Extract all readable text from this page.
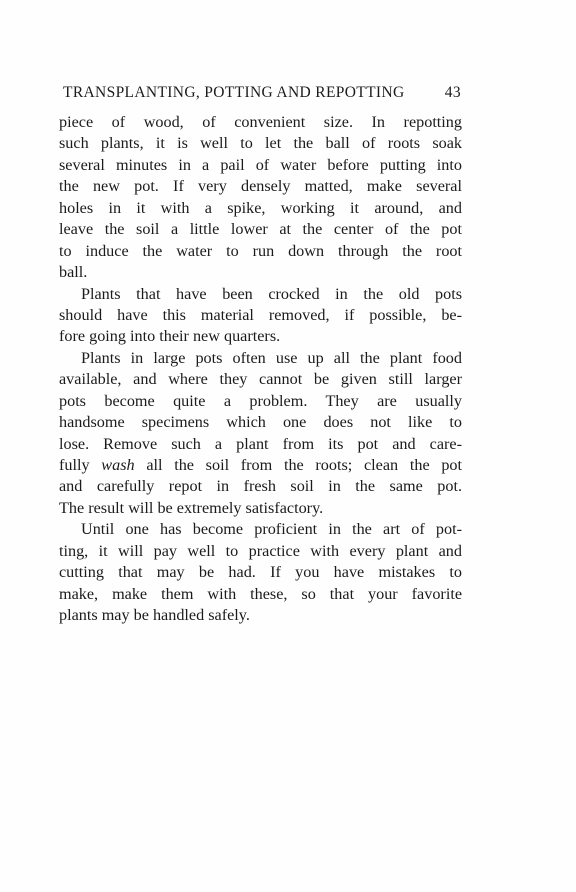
TRANSPLANTING, POTTING AND REPOTTING	43
piece of wood, of convenient size. In repotting
such plants, it is well to let the ball of roots soak
several minutes in a pail of water before putting into
the new pot. If very densely matted, make several
holes in it with a spike, working it around, and
leave the soil a little lower at the center of the pot
to induce the water to run down through the root
ball.
Plants that have been crocked in the old pots
should have this material removed, if possible, be-
fore going into their new quarters.
Plants in large pots often use up all the plant food
available, and where they cannot be given still larger
pots become quite a problem. They are usually
handsome specimens which one does not like to
lose. Remove such a plant from its pot and care-
fully wash all the soil from the roots; clean the pot
and carefully repot in fresh soil in the same pot.
The result will be extremely satisfactory.
Until one has become proficient in the art of pot-
ting, it will pay well to practice with every plant and
cutting that may be had. If you have mistakes to
make, make them with these, so that your favorite
plants may be handled safely.
